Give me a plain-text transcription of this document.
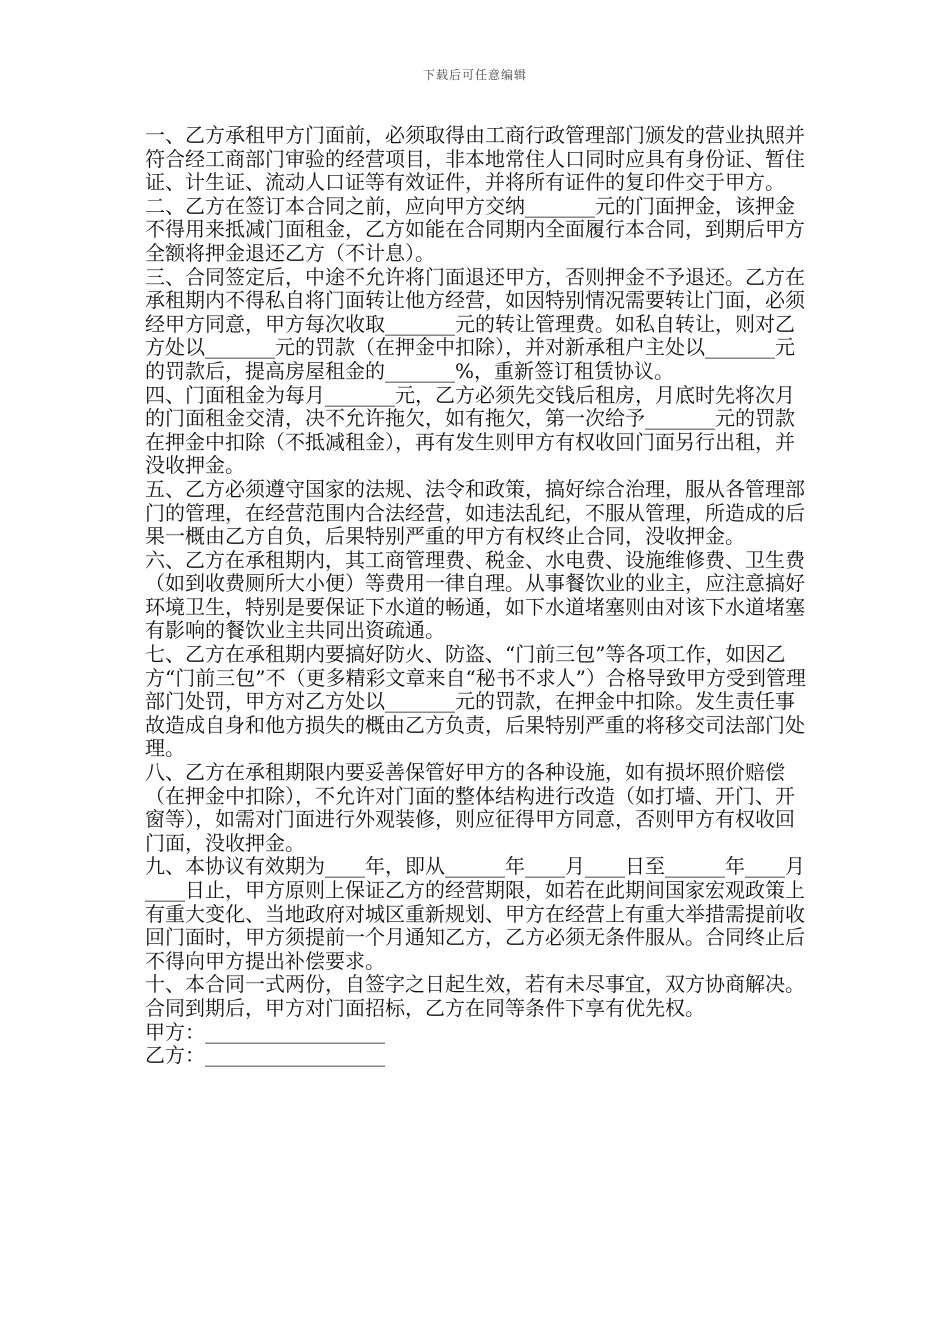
下载后可任意编辑

一、乙方承租甲方门面前，必须取得由工商行政管理部门颁发的营业执照并符合经工商部门审验的经营项目，非本地常住人口同时应具有身份证、暂住证、计生证、流动人口证等有效证件，并将所有证件的复印件交于甲方。

二、乙方在签订本合同之前，应向甲方交纳_______元的门面押金，该押金不得用来抵减门面租金，乙方如能在合同期内全面履行本合同，到期后甲方全额将押金退还乙方（不计息）。

三、合同签定后，中途不允许将门面退还甲方，否则押金不予退还。乙方在承租期内不得私自将门面转让他方经营，如因特别情况需要转让门面，必须经甲方同意，甲方每次收取_______元的转让管理费。如私自转让，则对乙方处以_______元的罚款（在押金中扣除），并对新承租户主处以_______元的罚款后，提高房屋租金的_______%，重新签订租赁协议。

四、门面租金为每月_______元，乙方必须先交钱后租房，月底时先将次月的门面租金交清，决不允许拖欠，如有拖欠，第一次给予_______元的罚款在押金中扣除（不抵减租金），再有发生则甲方有权收回门面另行出租，并没收押金。

五、乙方必须遵守国家的法规、法令和政策，搞好综合治理，服从各管理部门的管理，在经营范围内合法经营，如违法乱纪，不服从管理，所造成的后果一概由乙方自负，后果特别严重的甲方有权终止合同，没收押金。

六、乙方在承租期内，其工商管理费、税金、水电费、设施维修费、卫生费（如到收费厕所大小便）等费用一律自理。从事餐饮业的业主，应注意搞好环境卫生，特别是要保证下水道的畅通，如下水道堵塞则由对该下水道堵塞有影响的餐饮业主共同出资疏通。

七、乙方在承租期内要搞好防火、防盗、“门前三包”等各项工作，如因乙方“门前三包”不（更多精彩文章来自“秘书不求人”）合格导致甲方受到管理部门处罚，甲方对乙方处以_______元的罚款，在押金中扣除。发生责任事故造成自身和他方损失的概由乙方负责，后果特别严重的将移交司法部门处理。

八、乙方在承租期限内要妥善保管好甲方的各种设施，如有损坏照价赔偿（在押金中扣除），不允许对门面的整体结构进行改造（如打墙、开门、开窗等），如需对门面进行外观装修，则应征得甲方同意，否则甲方有权收回门面，没收押金。

九、本协议有效期为____年，即从______年____月____日至______年____月____日止，甲方原则上保证乙方的经营期限，如若在此期间国家宏观政策上有重大变化、当地政府对城区重新规划、甲方在经营上有重大举措需提前收回门面时，甲方须提前一个月通知乙方，乙方必须无条件服从。合同终止后不得向甲方提出补偿要求。

十、本合同一式两份，自签字之日起生效，若有未尽事宜，双方协商解决。合同到期后，甲方对门面招标，乙方在同等条件下享有优先权。

甲方：__________________

乙方：__________________
